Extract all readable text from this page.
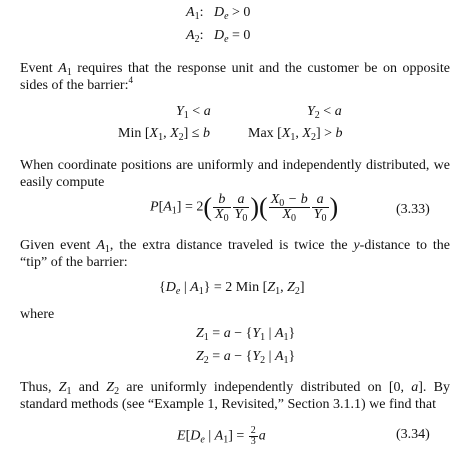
$A_1$: $D_e > 0$
$A_2$: $D_e = 0$
Event $A_1$ requires that the response unit and the customer be on opposite sides of the barrier:$^4$
$Y_1 < a$	$Y_2 < a$
Min [$X_1$, $X_2] \le b$	Max [$X_1$, $X_2] > b$
When coordinate positions are uniformly and independently distributed, we easily compute
$P[A_1] = 2( \frac{b}{X_0} \frac{a}{Y_0}$ )( $\frac{X_0 - b}{X_0} \frac{a}{Y_0}$ )	(3.33)
Given event $A_1$, the extra distance traveled is twice the y-distance to the “tip” of the barrier:
{$D_e$ | $A_1\} = 2$ Min [$Z_1$, $Z_2$]
where
$Z_1 = a - \{Y_1$ | $A_1$}
$Z_2 = a - \{Y_2$ | $A_1$}
Thus, $Z_1$ and $Z_2$ are uniformly independently distributed on [0, a]. By standard methods (see “Example 1, Revisited,” Section 3.1.1) we find that
$E[D_e$ | $A_1] = \frac{2}{3}$ a	(3.34)
